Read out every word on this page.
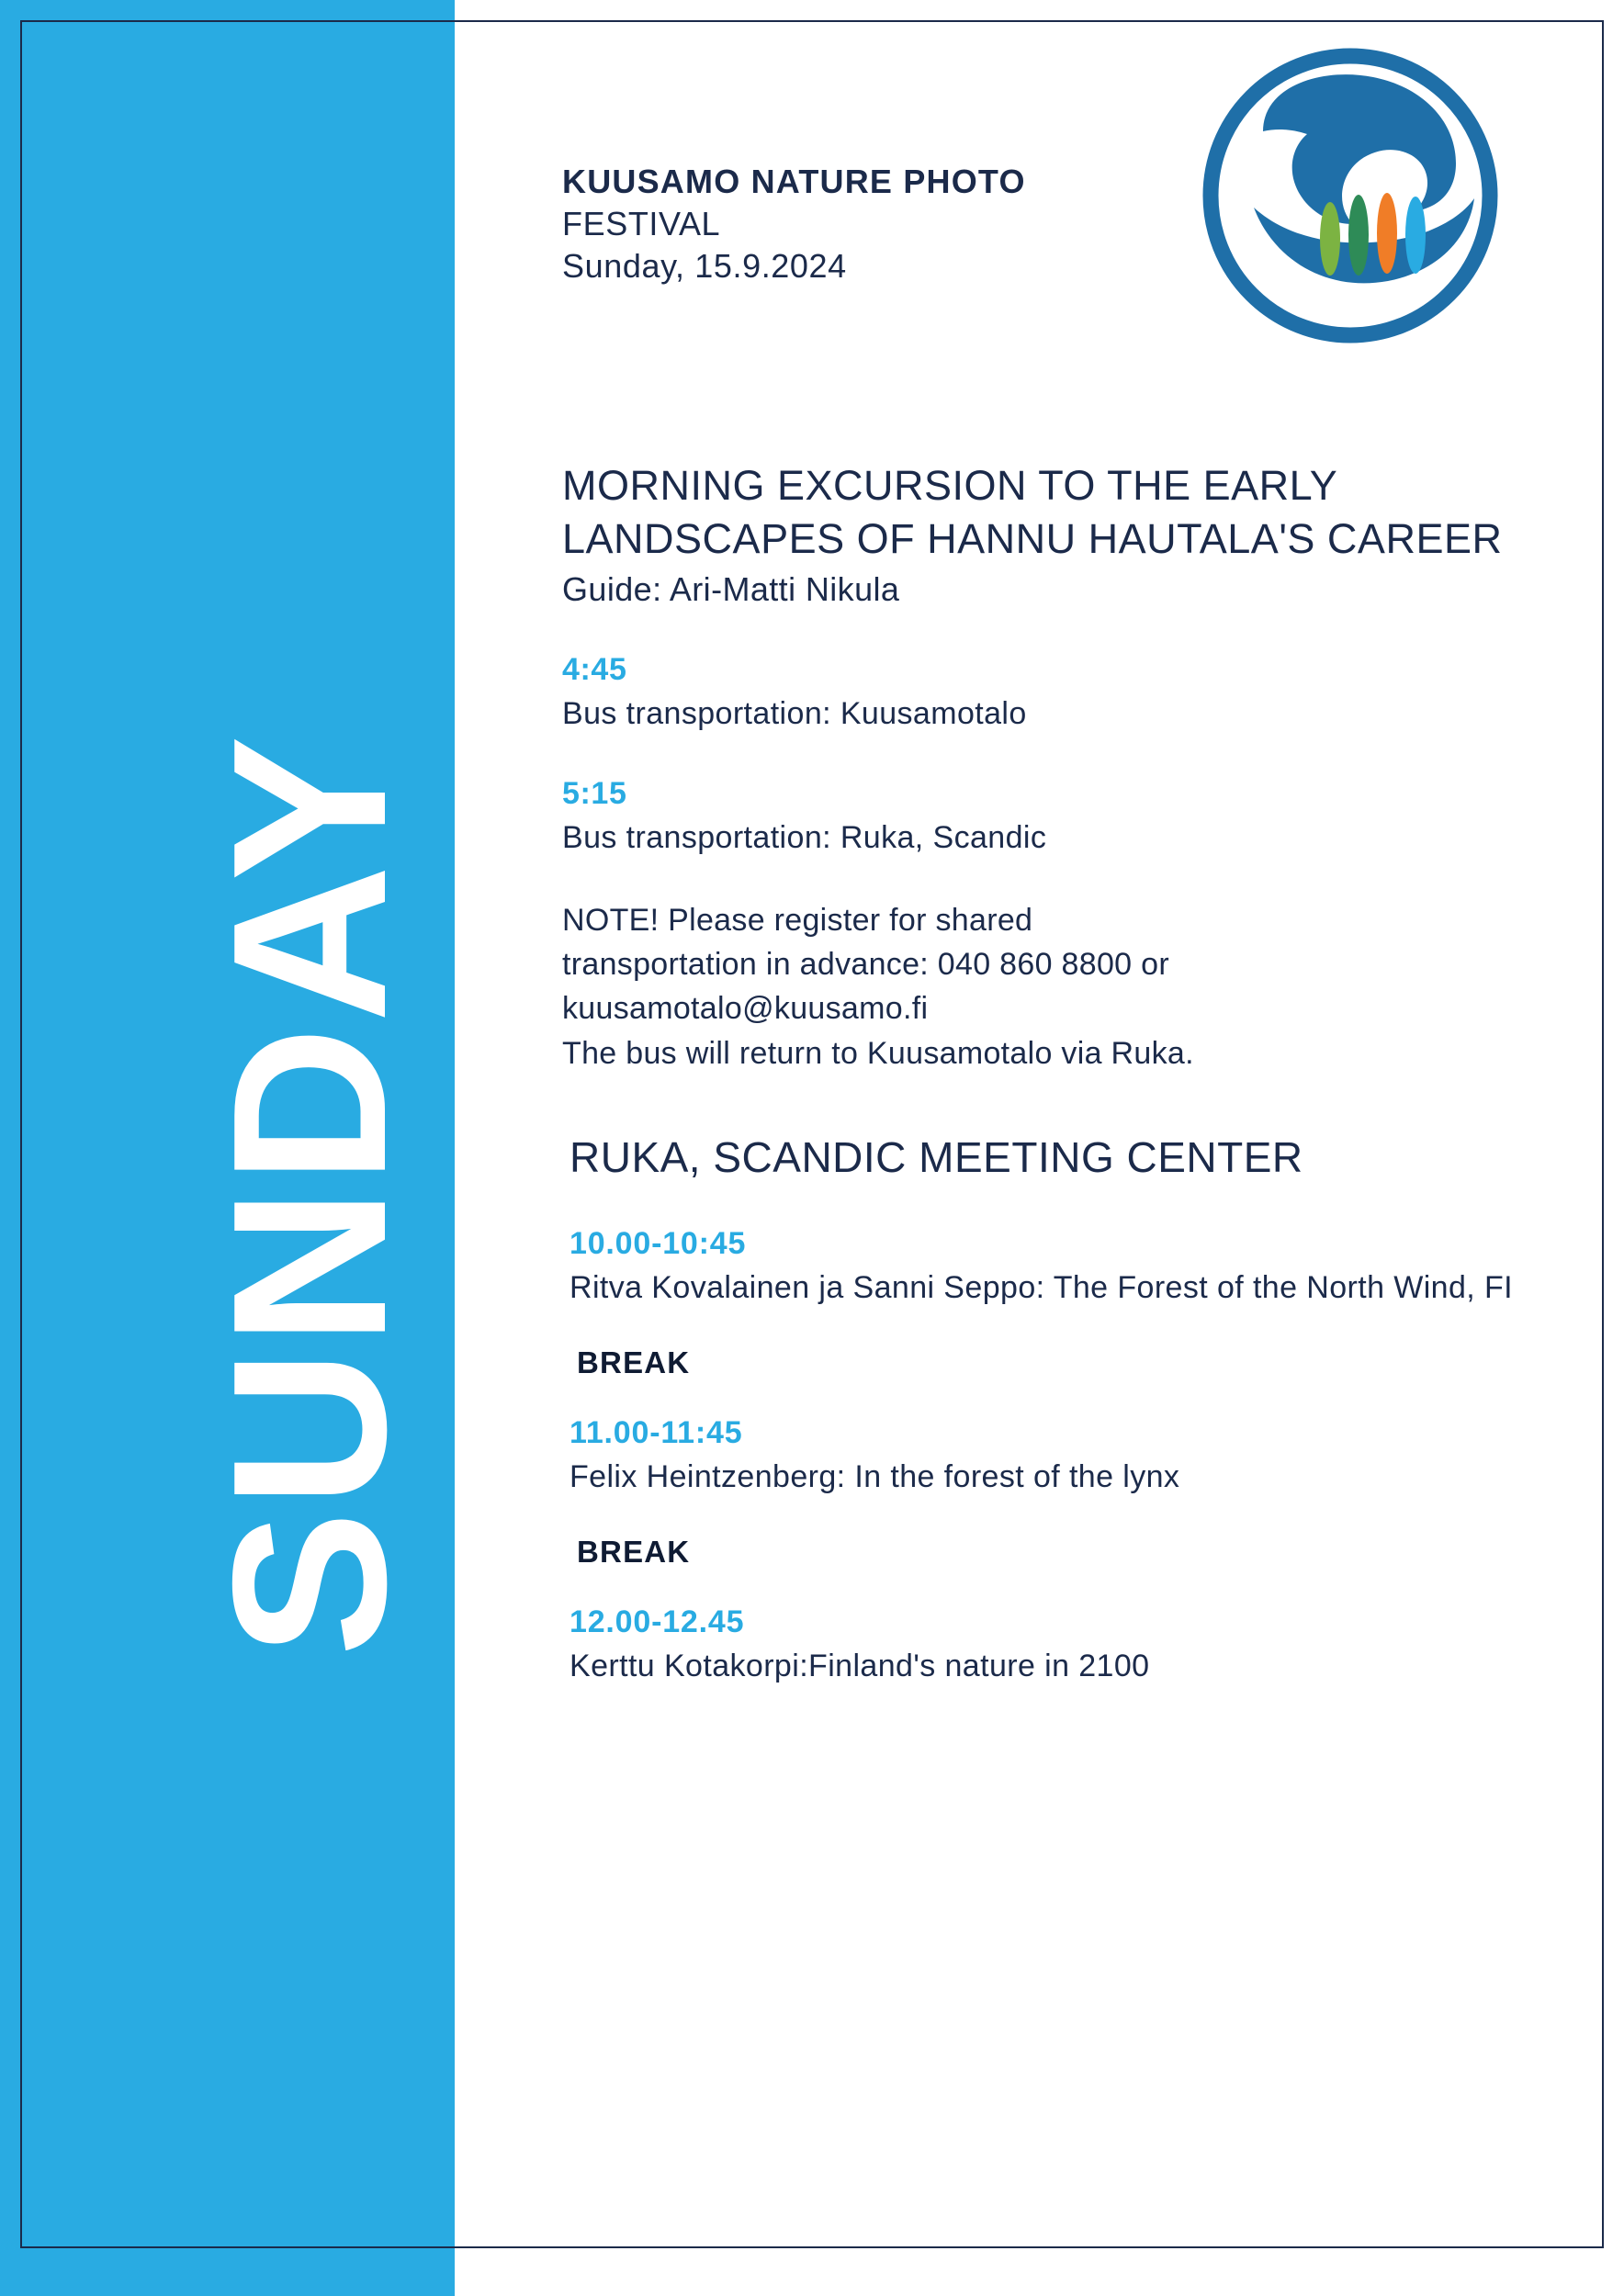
SUNDAY
KUUSAMO NATURE PHOTO
FESTIVAL
Sunday, 15.9.2024
MORNING EXCURSION TO THE EARLY LANDSCAPES OF HANNU HAUTALA'S CAREER
Guide: Ari-Matti Nikula
4:45
Bus transportation: Kuusamotalo
5:15
Bus transportation: Ruka, Scandic
NOTE! Please register for shared
transportation in advance: 040 860 8800 or
kuusamotalo@kuusamo.fi
The bus will return to Kuusamotalo via Ruka.
RUKA, SCANDIC MEETING CENTER
10.00-10:45
Ritva Kovalainen ja Sanni Seppo: The Forest of the North Wind, FI
BREAK
11.00-11:45
Felix Heintzenberg: In the forest of the lynx
BREAK
12.00-12.45
Kerttu Kotakorpi:Finland's nature in 2100
